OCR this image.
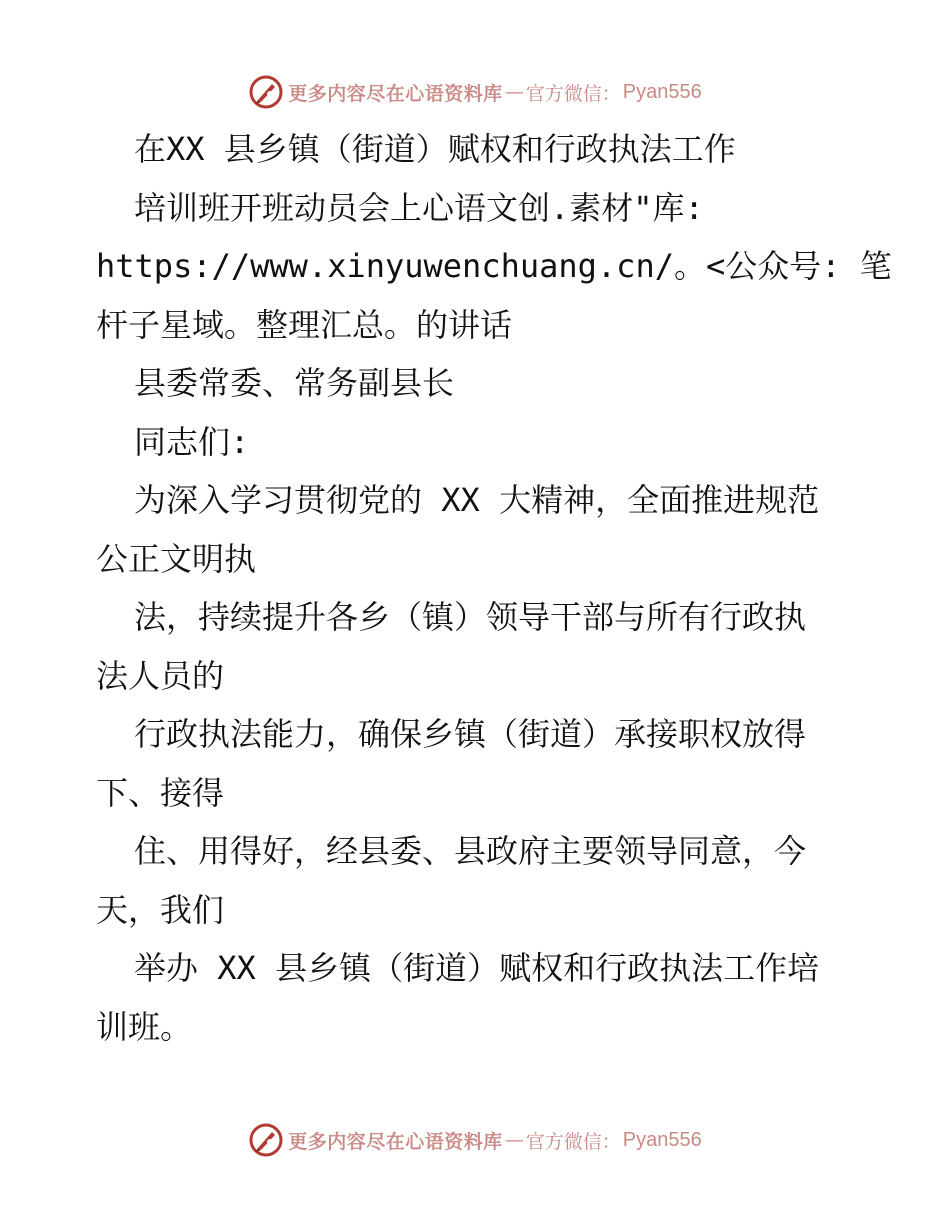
更多内容尽在心语资料库 — 官方微信： Pyan556
在XX 县乡镇（街道）赋权和行政执法工作
培训班开班动员会上心语文创.素材"库:
https://www.xinyuwenchuang.cn/。<公众号: 笔
杆子星域。整理汇总。的讲话
县委常委、常务副县长
同志们:
为深入学习贯彻党的 XX 大精神，全面推进规范
公正文明执
法，持续提升各乡（镇）领导干部与所有行政执
法人员的
行政执法能力，确保乡镇（街道）承接职权放得
下、接得
住、用得好，经县委、县政府主要领导同意，今
天，我们
举办 XX 县乡镇（街道）赋权和行政执法工作培
训班。
更多内容尽在心语资料库 — 官方微信： Pyan556
